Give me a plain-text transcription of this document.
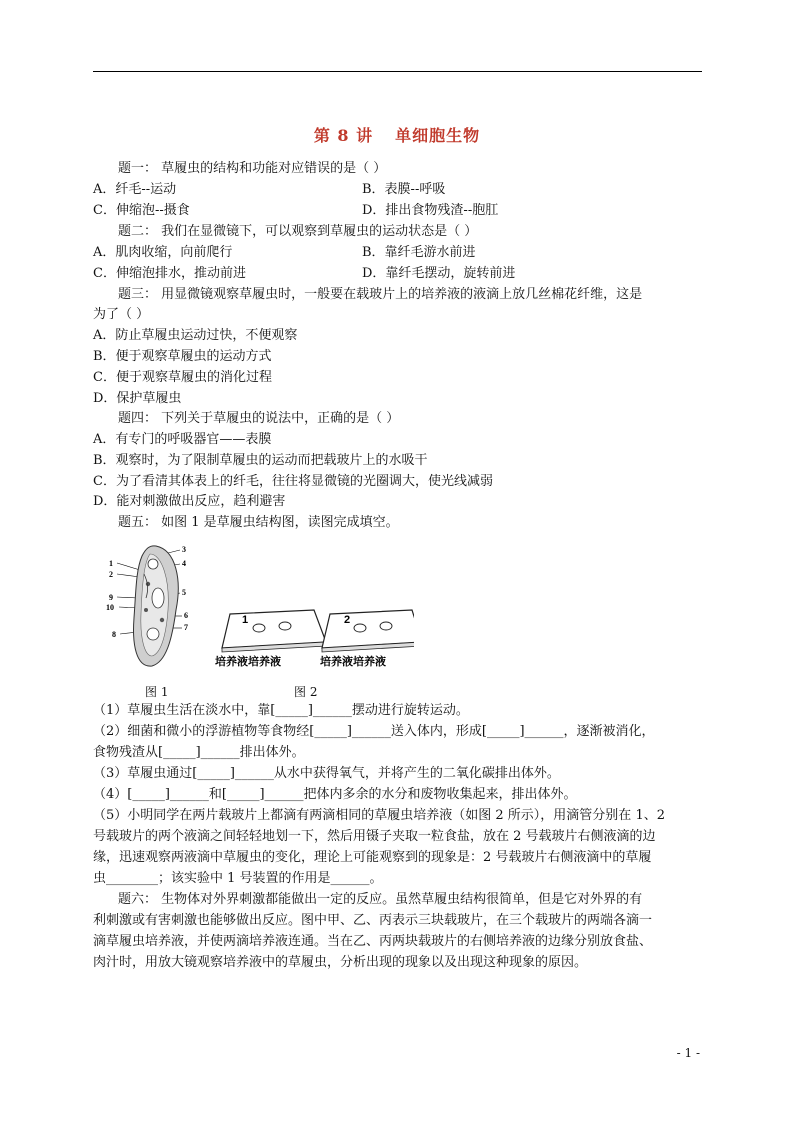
第 8 讲 单细胞生物
题一： 草履虫的结构和功能对应错误的是（ ）
A．纤毛--运动	B．表膜--呼吸
C．伸缩泡--摄食	D．排出食物残渣--胞肛
题二： 我们在显微镜下，可以观察到草履虫的运动状态是（ ）
A．肌肉收缩，向前爬行	B．靠纤毛游水前进
C．伸缩泡排水，推动前进	D．靠纤毛摆动，旋转前进
题三： 用显微镜观察草履虫时，一般要在载玻片上的培养液的液滴上放几丝棉花纤维，这是
为了（ ）
A．防止草履虫运动过快，不便观察
B．便于观察草履虫的运动方式
C．便于观察草履虫的消化过程
D．保护草履虫
题四： 下列关于草履虫的说法中，正确的是（ ）
A．有专门的呼吸器官——表膜
B．观察时，为了限制草履虫的运动而把载玻片上的水吸干
C．为了看清其体表上的纤毛，往往将显微镜的光圈调大，使光线减弱
D．能对刺激做出反应，趋利避害
题五： 如图 1 是草履虫结构图，读图完成填空。
3
4
1
2
5
9
10
6
7
8
1
培养液培养液
2
培养液培养液
图 1	图 2
（1）草履虫生活在淡水中，靠[_____]______摆动进行旋转运动。
（2）细菌和微小的浮游植物等食物经[_____]______送入体内，形成[_____]______，逐渐被消化，
食物残渣从[_____]______排出体外。
（3）草履虫通过[_____]______从水中获得氧气，并将产生的二氧化碳排出体外。
（4）[_____]______和[_____]______把体内多余的水分和废物收集起来，排出体外。
（5）小明同学在两片载玻片上都滴有两滴相同的草履虫培养液（如图 2 所示），用滴管分别在 1、2
号载玻片的两个液滴之间轻轻地划一下，然后用镊子夹取一粒食盐，放在 2 号载玻片右侧液滴的边
缘，迅速观察两液滴中草履虫的变化，理论上可能观察到的现象是：2 号载玻片右侧液滴中的草履
虫________；该实验中 1 号装置的作用是______。
题六： 生物体对外界刺激都能做出一定的反应。虽然草履虫结构很简单，但是它对外界的有
利刺激或有害刺激也能够做出反应。图中甲、乙、丙表示三块载玻片，在三个载玻片的两端各滴一
滴草履虫培养液，并使两滴培养液连通。当在乙、丙两块载玻片的右侧培养液的边缘分别放食盐、
肉汁时，用放大镜观察培养液中的草履虫，分析出现的现象以及出现这种现象的原因。
- 1 -
